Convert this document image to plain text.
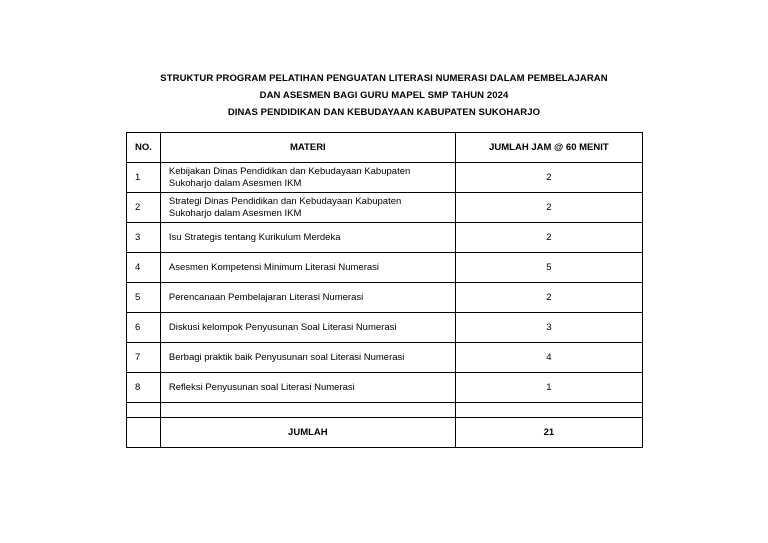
STRUKTUR PROGRAM PELATIHAN PENGUATAN LITERASI NUMERASI DALAM PEMBELAJARAN
DAN ASESMEN BAGI GURU MAPEL SMP TAHUN 2024
DINAS PENDIDIKAN DAN KEBUDAYAAN KABUPATEN SUKOHARJO
NO.	MATERI	JUMLAH JAM @ 60 MENIT
1	Kebijakan Dinas Pendidikan dan Kebudayaan Kabupaten
Sukoharjo dalam Asesmen IKM	2
2	Strategi Dinas Pendidikan dan Kebudayaan Kabupaten
Sukoharjo dalam Asesmen IKM	2
3	Isu Strategis tentang Kurikulum Merdeka	2
4	Asesmen Kompetensi Minimum Literasi Numerasi	5
5	Perencanaan Pembelajaran Literasi Numerasi	2
6	Diskusi kelompok Penyusunan Soal Literasi Numerasi	3
7	Berbagi praktik baik Penyusunan soal Literasi Numerasi	4
8	Refleksi Penyusunan soal Literasi Numerasi	1

	JUMLAH	21
